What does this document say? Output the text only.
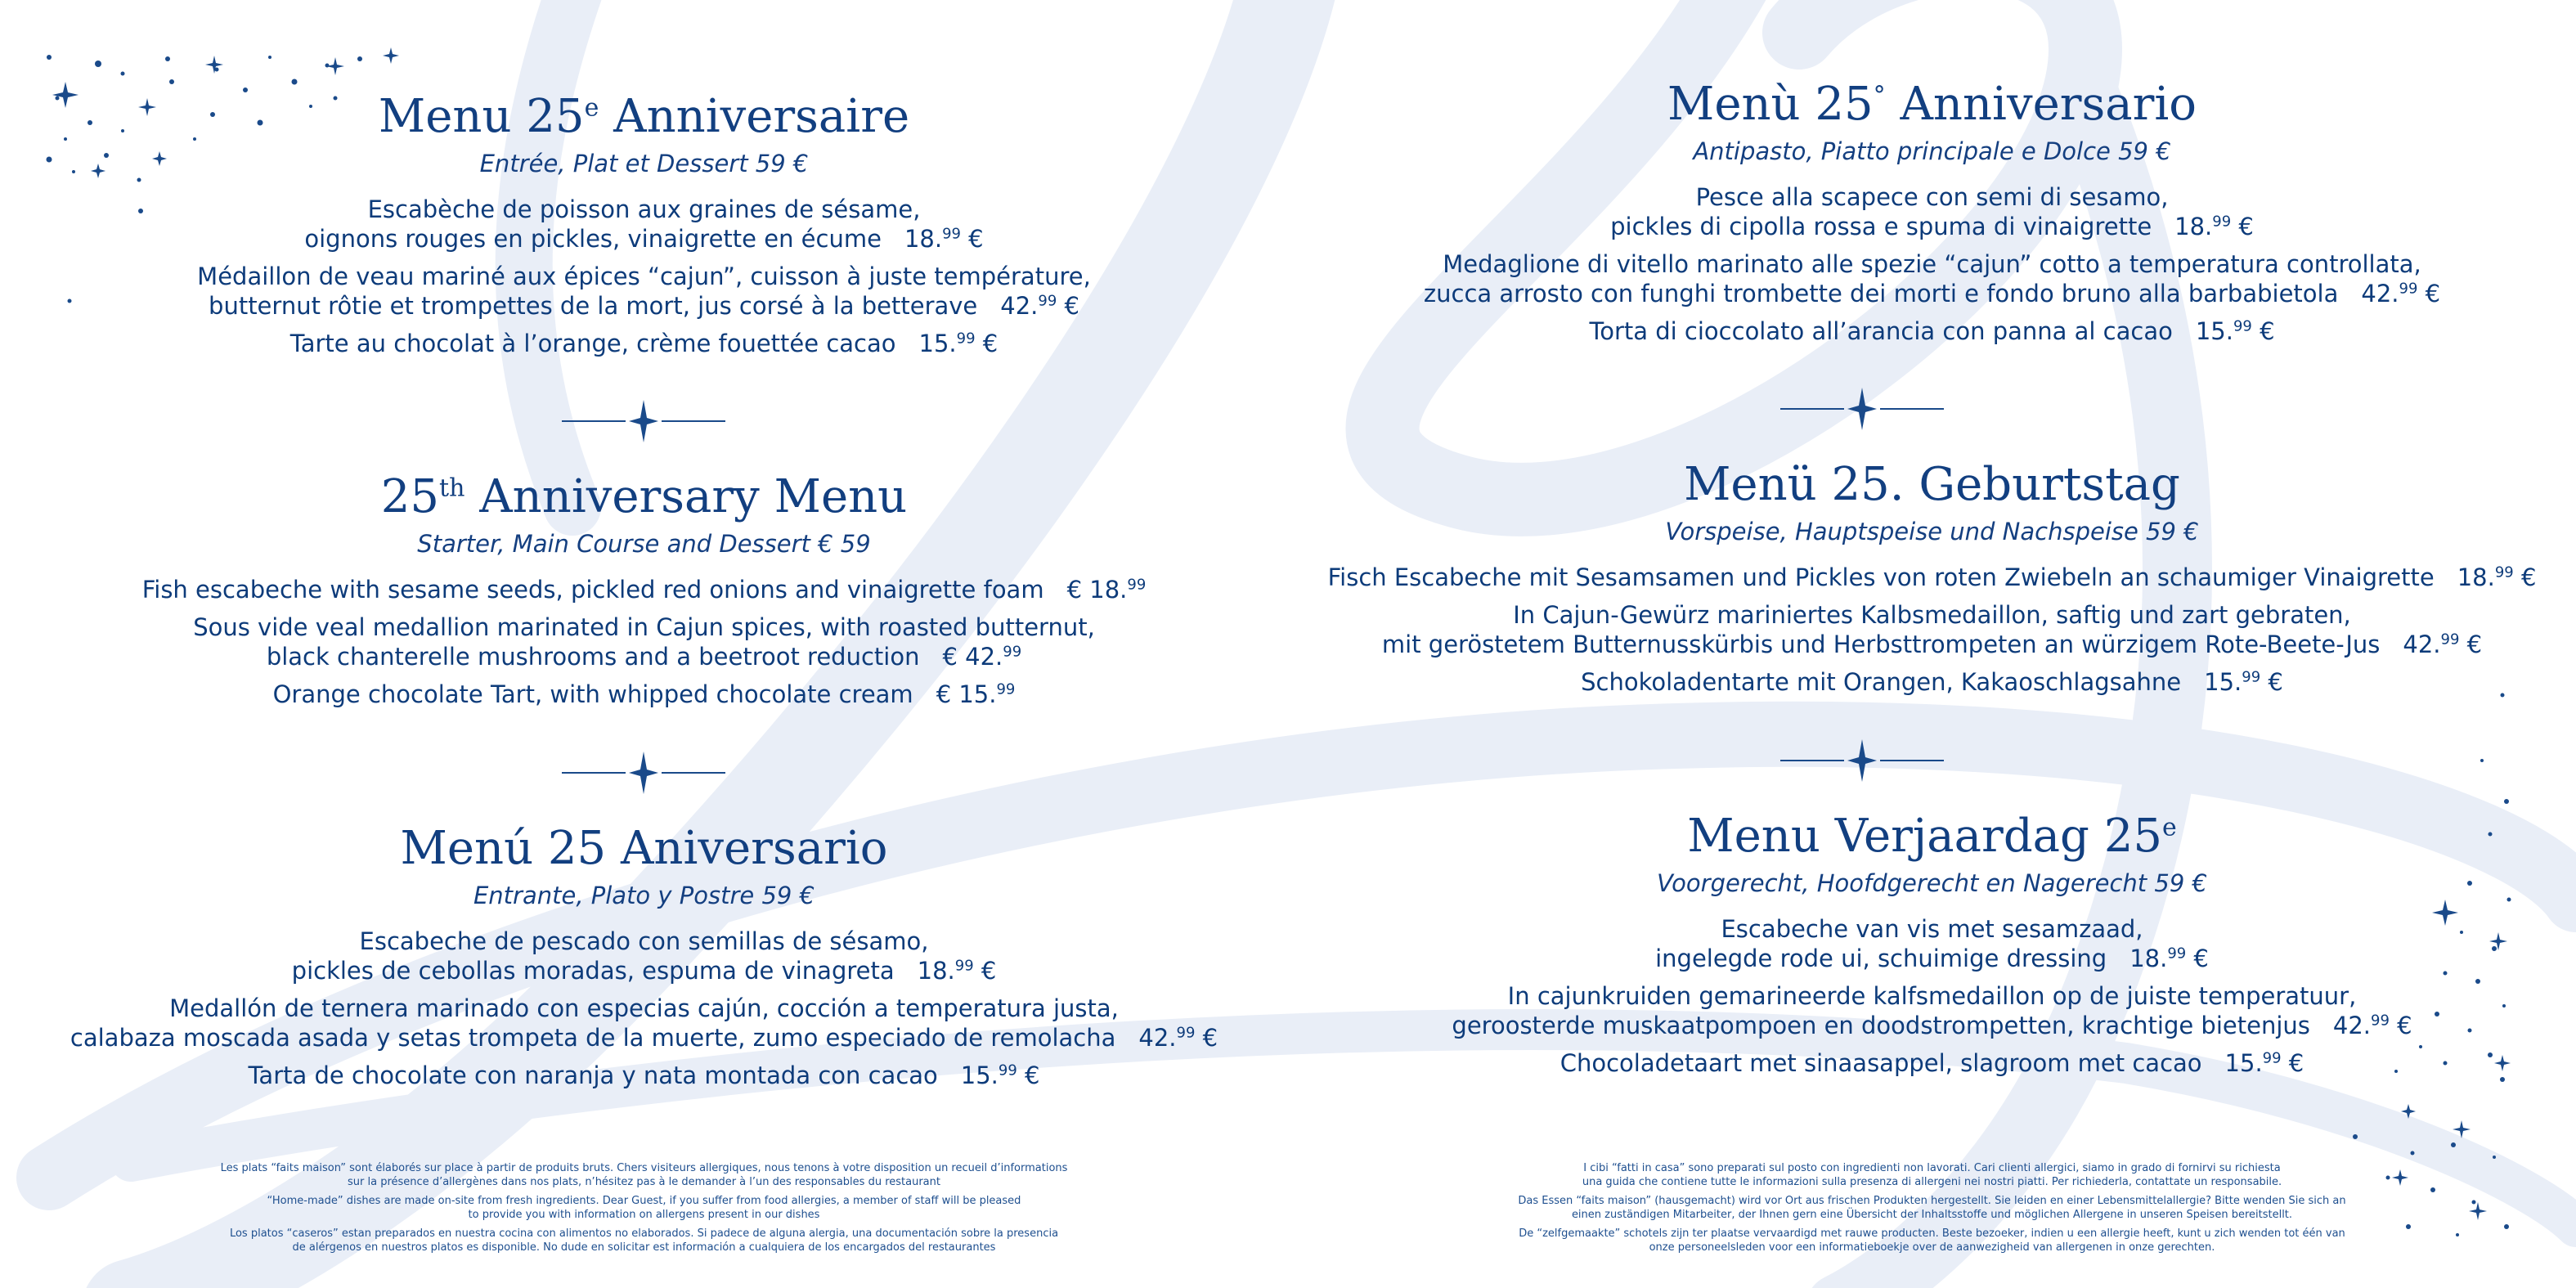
Menu 25e Anniversaire
Entrée, Plat et Dessert 59 €
Escabèche de poisson aux graines de sésame,
oignons rouges en pickles, vinaigrette en écume 18.99 €
Médaillon de veau mariné aux épices “cajun”, cuisson à juste température,
butternut rôtie et trompettes de la mort, jus corsé à la betterave 42.99 €
Tarte au chocolat à l’orange, crème fouettée cacao 15.99 €
25th Anniversary Menu
Starter, Main Course and Dessert € 59
Fish escabeche with sesame seeds, pickled red onions and vinaigrette foam € 18.99
Sous vide veal medallion marinated in Cajun spices, with roasted butternut,
black chanterelle mushrooms and a beetroot reduction € 42.99
Orange chocolate Tart, with whipped chocolate cream € 15.99
Menú 25 Aniversario
Entrante, Plato y Postre 59 €
Escabeche de pescado con semillas de sésamo,
pickles de cebollas moradas, espuma de vinagreta 18.99 €
Medallón de ternera marinado con especias cajún, cocción a temperatura justa,
calabaza moscada asada y setas trompeta de la muerte, zumo especiado de remolacha 42.99 €
Tarta de chocolate con naranja y nata montada con cacao 15.99 €
Les plats “faits maison” sont élaborés sur place à partir de produits bruts. Chers visiteurs allergiques, nous tenons à votre disposition un recueil d’informations
sur la présence d’allergènes dans nos plats, n’hésitez pas à le demander à l’un des responsables du restaurant
“Home-made” dishes are made on-site from fresh ingredients. Dear Guest, if you suffer from food allergies, a member of staff will be pleased
to provide you with information on allergens present in our dishes
Los platos “caseros” estan preparados en nuestra cocina con alimentos no elaborados. Si padece de alguna alergia, una documentación sobre la presencia
de alérgenos en nuestros platos es disponible. No dude en solicitar est información a cualquiera de los encargados del restaurantes
Menù 25° Anniversario
Antipasto, Piatto principale e Dolce 59 €
Pesce alla scapece con semi di sesamo,
pickles di cipolla rossa e spuma di vinaigrette 18.99 €
Medaglione di vitello marinato alle spezie “cajun” cotto a temperatura controllata,
zucca arrosto con funghi trombette dei morti e fondo bruno alla barbabietola 42.99 €
Torta di cioccolato all’arancia con panna al cacao 15.99 €
Menü 25. Geburtstag
Vorspeise, Hauptspeise und Nachspeise 59 €
Fisch Escabeche mit Sesamsamen und Pickles von roten Zwiebeln an schaumiger Vinaigrette 18.99 €
In Cajun-Gewürz mariniertes Kalbsmedaillon, saftig und zart gebraten,
mit geröstetem Butternusskürbis und Herbsttrompeten an würzigem Rote-Beete-Jus 42.99 €
Schokoladentarte mit Orangen, Kakaoschlagsahne 15.99 €
Menu Verjaardag 25e
Voorgerecht, Hoofdgerecht en Nagerecht 59 €
Escabeche van vis met sesamzaad,
ingelegde rode ui, schuimige dressing 18.99 €
In cajunkruiden gemarineerde kalfsmedaillon op de juiste temperatuur,
geroosterde muskaatpompoen en doodstrompetten, krachtige bietenjus 42.99 €
Chocoladetaart met sinaasappel, slagroom met cacao 15.99 €
I cibi “fatti in casa” sono preparati sul posto con ingredienti non lavorati. Cari clienti allergici, siamo in grado di fornirvi su richiesta
una guida che contiene tutte le informazioni sulla presenza di allergeni nei nostri piatti. Per richiederla, contattate un responsabile.
Das Essen “faits maison” (hausgemacht) wird vor Ort aus frischen Produkten hergestellt. Sie leiden en einer Lebensmittelallergie? Bitte wenden Sie sich an
einen zuständigen Mitarbeiter, der Ihnen gern eine Übersicht der Inhaltsstoffe und möglichen Allergene in unseren Speisen bereitstellt.
De “zelfgemaakte” schotels zijn ter plaatse vervaardigd met rauwe producten. Beste bezoeker, indien u een allergie heeft, kunt u zich wenden tot één van
onze personeelsleden voor een informatieboekje over de aanwezigheid van allergenen in onze gerechten.
